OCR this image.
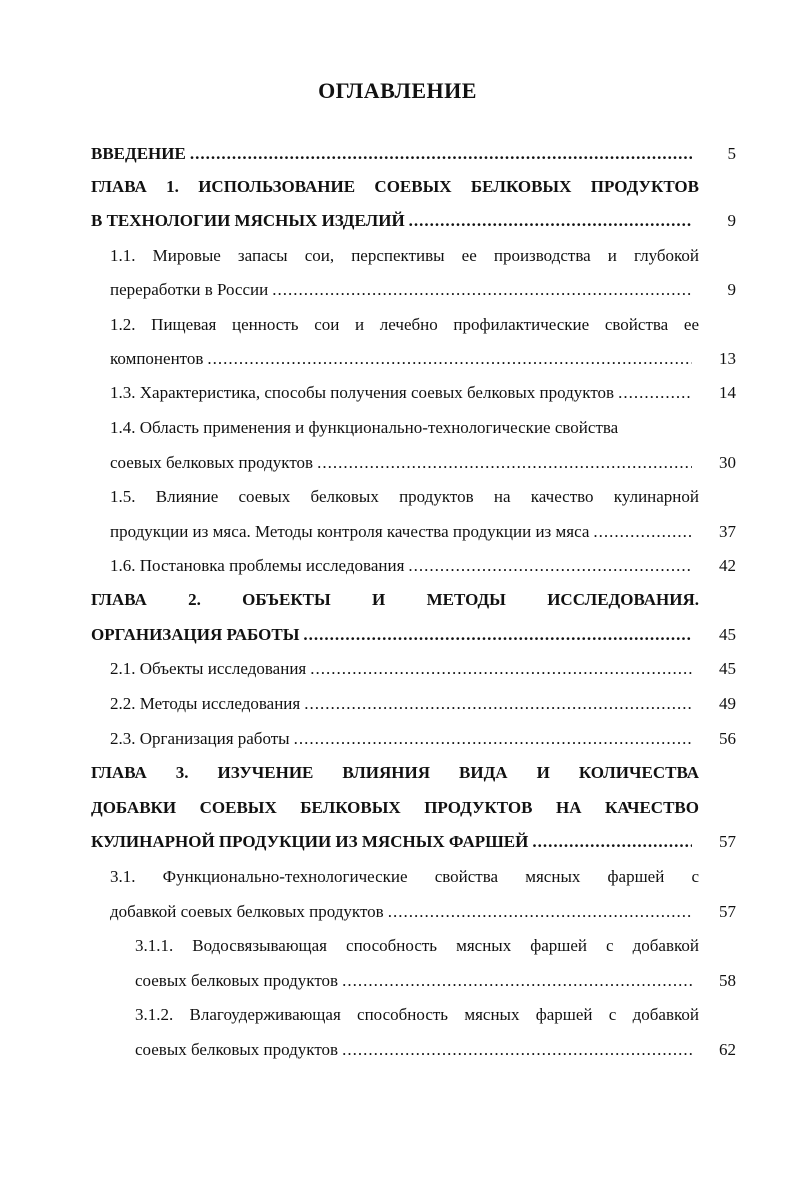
ОГЛАВЛЕНИЕ
ВВЕДЕНИЕ .....	5
ГЛАВА 1. ИСПОЛЬЗОВАНИЕ СОЕВЫХ БЕЛКОВЫХ ПРОДУКТОВ
В ТЕХНОЛОГИИ МЯСНЫХ ИЗДЕЛИЙ .....	9
1.1. Мировые запасы сои, перспективы ее производства и глубокой
переработки в России .....	9
1.2. Пищевая ценность сои и лечебно профилактические свойства ее
компонентов .....	13
1.3. Характеристика, способы получения соевых белковых продуктов .....	14
1.4. Область применения и функционально-технологические свойства
соевых белковых продуктов .....	30
1.5. Влияние соевых белковых продуктов на качество кулинарной
продукции из мяса. Методы контроля качества продукции из мяса .....	37
1.6. Постановка проблемы исследования .....	42
ГЛАВА 2. ОБЪЕКТЫ И МЕТОДЫ ИССЛЕДОВАНИЯ.
ОРГАНИЗАЦИЯ РАБОТЫ .....	45
2.1. Объекты исследования .....	45
2.2. Методы исследования .....	49
2.3. Организация работы .....	56
ГЛАВА 3. ИЗУЧЕНИЕ ВЛИЯНИЯ ВИДА И КОЛИЧЕСТВА
ДОБАВКИ СОЕВЫХ БЕЛКОВЫХ ПРОДУКТОВ НА КАЧЕСТВО
КУЛИНАРНОЙ ПРОДУКЦИИ ИЗ МЯСНЫХ ФАРШЕЙ .....	57
3.1. Функционально-технологические свойства мясных фаршей с
добавкой соевых белковых продуктов .....	57
3.1.1. Водосвязывающая способность мясных фаршей с добавкой
соевых белковых продуктов .....	58
3.1.2. Влагоудерживающая способность мясных фаршей с добавкой
соевых белковых продуктов .....	62
